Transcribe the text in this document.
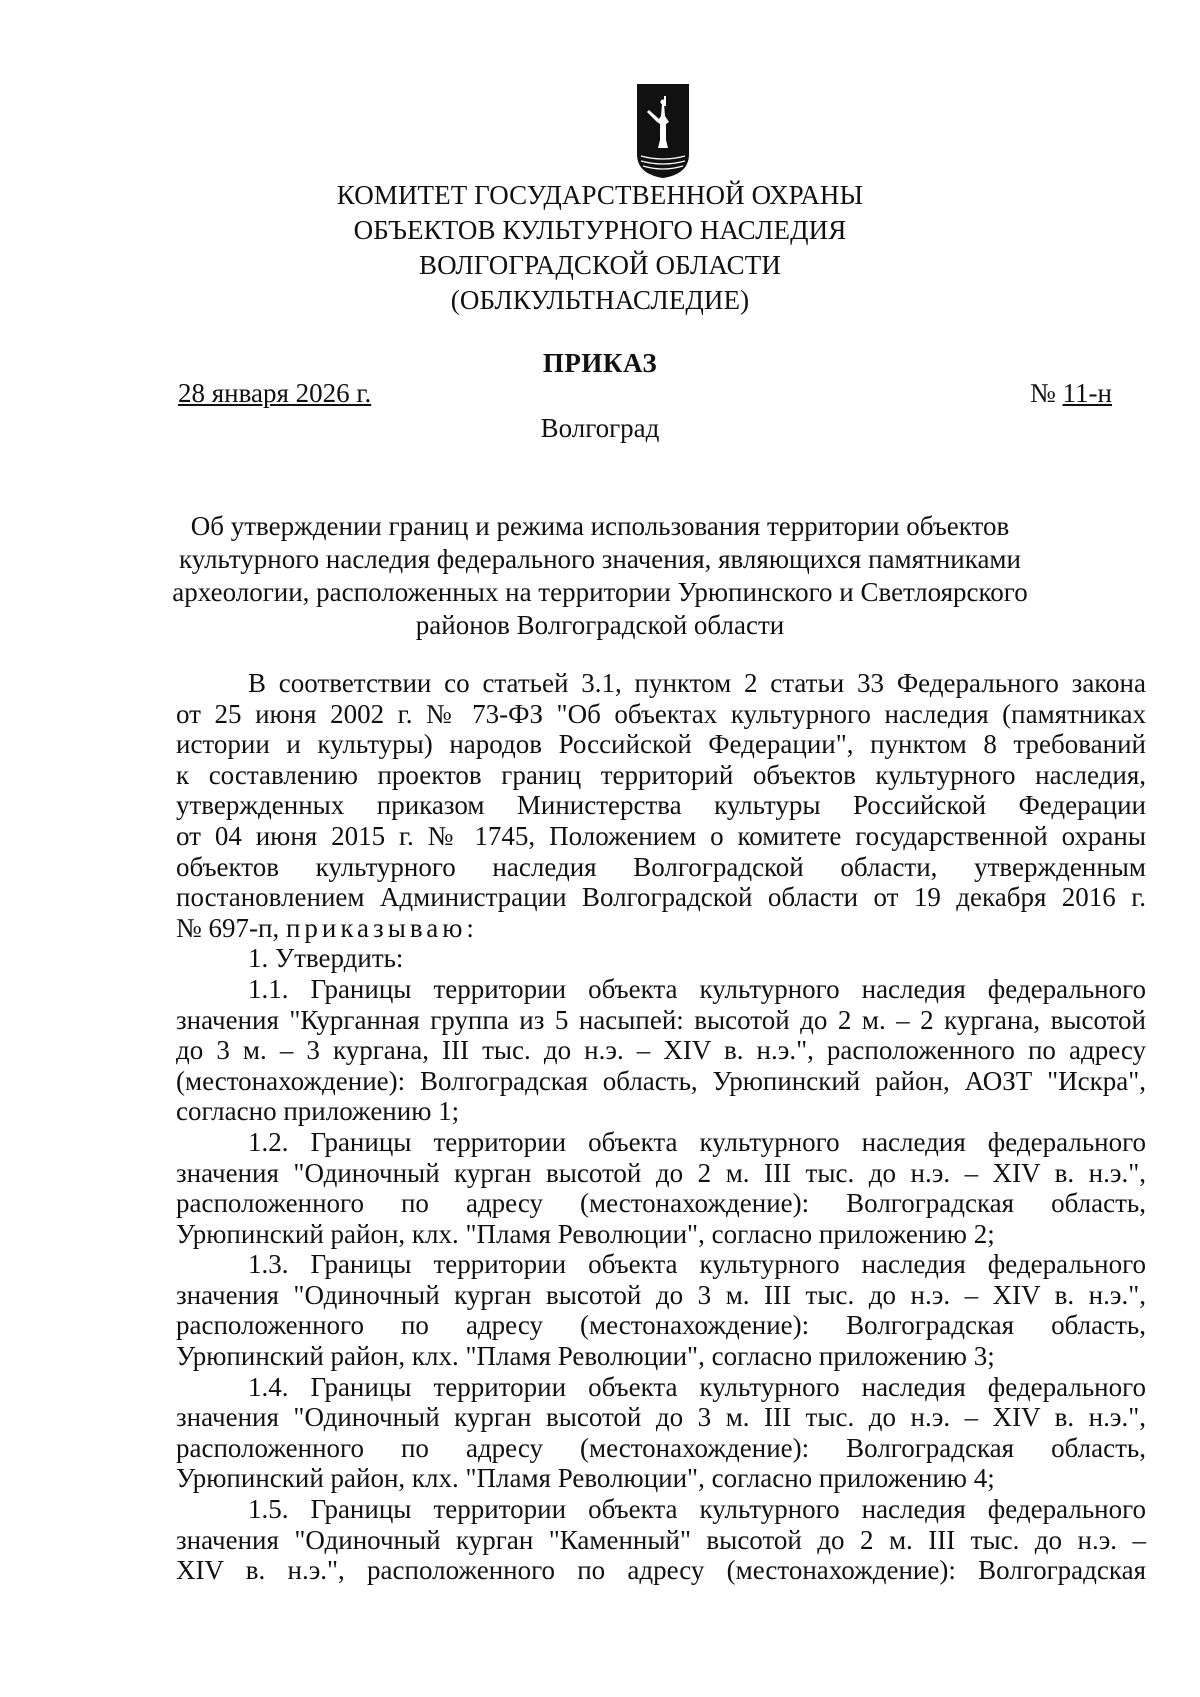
КОМИТЕТ ГОСУДАРСТВЕННОЙ ОХРАНЫ
ОБЪЕКТОВ КУЛЬТУРНОГО НАСЛЕДИЯ
ВОЛГОГРАДСКОЙ ОБЛАСТИ
(ОБЛКУЛЬТНАСЛЕДИЕ)
ПРИКАЗ
28 января 2026 г.	№ 11-н
Волгоград
Об утверждении границ и режима использования территории объектов
культурного наследия федерального значения, являющихся памятниками
археологии, расположенных на территории Урюпинского и Светлоярского
районов Волгоградской области
В соответствии со статьей 3.1, пунктом 2 статьи 33 Федерального закона
от 25 июня 2002 г. № 73-ФЗ "Об объектах культурного наследия (памятниках
истории и культуры) народов Российской Федерации", пунктом 8 требований
к составлению проектов границ территорий объектов культурного наследия,
утвержденных приказом Министерства культуры Российской Федерации
от 04 июня 2015 г. № 1745, Положением о комитете государственной охраны
объектов культурного наследия Волгоградской области, утвержденным
постановлением Администрации Волгоградской области от 19 декабря 2016 г.
№ 697-п, приказываю:
1. Утвердить:
1.1. Границы территории объекта культурного наследия федерального
значения "Курганная группа из 5 насыпей: высотой до 2 м. – 2 кургана, высотой
до 3 м. – 3 кургана, III тыс. до н.э. – XIV в. н.э.", расположенного по адресу
(местонахождение): Волгоградская область, Урюпинский район, АОЗТ "Искра",
согласно приложению 1;
1.2. Границы территории объекта культурного наследия федерального
значения "Одиночный курган высотой до 2 м. III тыс. до н.э. – XIV в. н.э.",
расположенного по адресу (местонахождение): Волгоградская область,
Урюпинский район, клх. "Пламя Революции", согласно приложению 2;
1.3. Границы территории объекта культурного наследия федерального
значения "Одиночный курган высотой до 3 м. III тыс. до н.э. – XIV в. н.э.",
расположенного по адресу (местонахождение): Волгоградская область,
Урюпинский район, клх. "Пламя Революции", согласно приложению 3;
1.4. Границы территории объекта культурного наследия федерального
значения "Одиночный курган высотой до 3 м. III тыс. до н.э. – XIV в. н.э.",
расположенного по адресу (местонахождение): Волгоградская область,
Урюпинский район, клх. "Пламя Революции", согласно приложению 4;
1.5. Границы территории объекта культурного наследия федерального
значения "Одиночный курган "Каменный" высотой до 2 м. III тыс. до н.э. –
XIV в. н.э.", расположенного по адресу (местонахождение): Волгоградская
